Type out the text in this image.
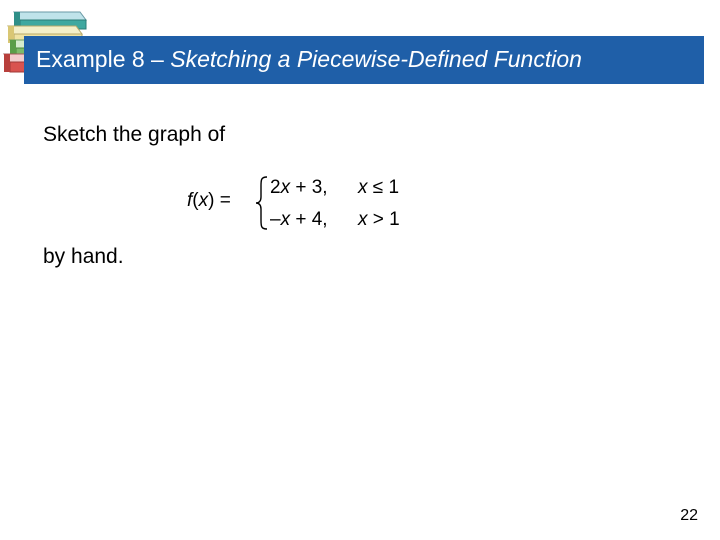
Example 8 – Sketching a Piecewise-Defined Function
Sketch the graph of
f(x) =
2x + 3, x ≤ 1
–x + 4, x > 1
by hand.
22
